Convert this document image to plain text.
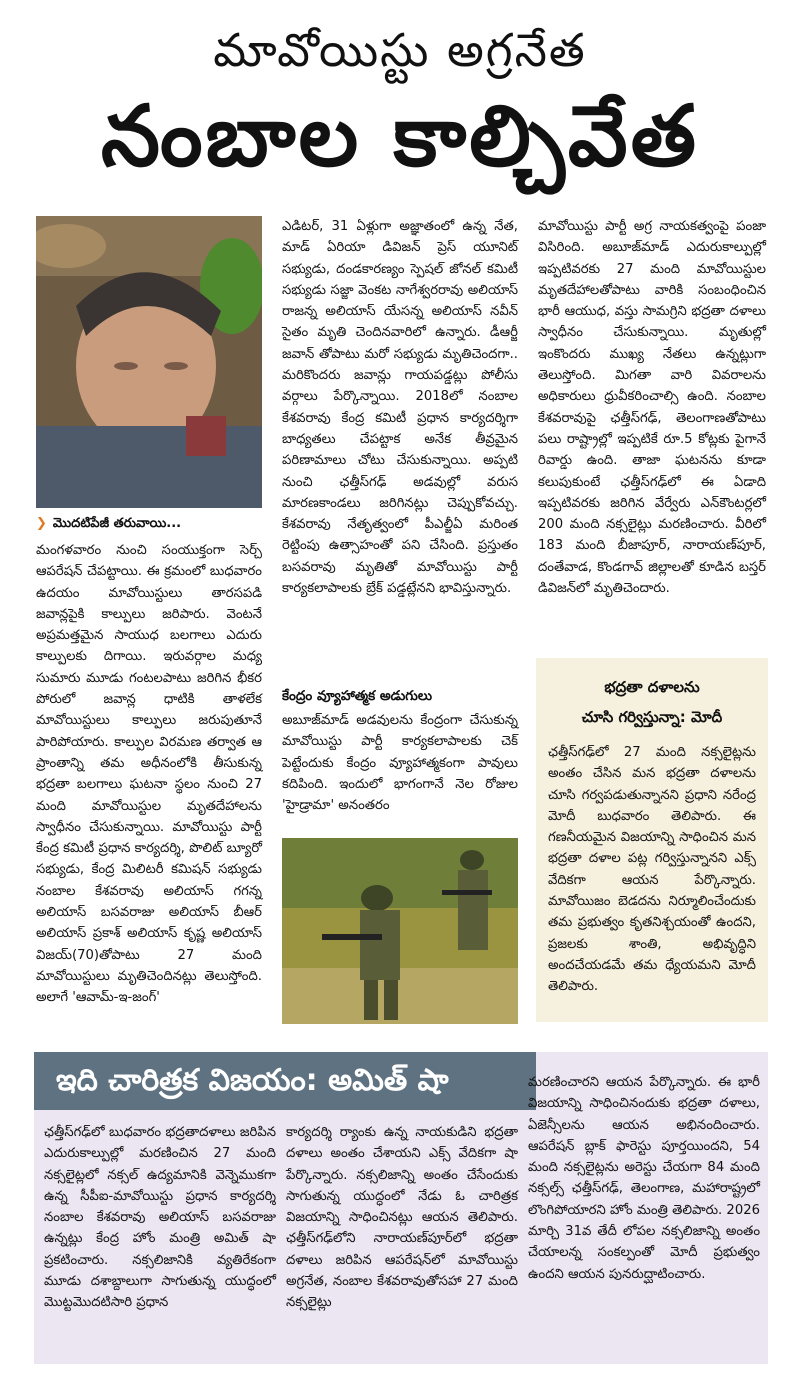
మావోయిస్టు అగ్రనేత
నంబాల కాల్చివేత
❯ మొదటిపేజీ తరువాయి...

మంగళవారం నుంచి సంయుక్తంగా సెర్చ్ ఆపరేషన్ చేపట్టాయి. ఈ క్రమంలో బుధవారం ఉదయం మావోయిస్టులు తారసపడి జవాన్లపైకి కాల్పులు జరిపారు. వెంటనే అప్రమత్తమైన సాయుధ బలగాలు ఎదురు కాల్పులకు దిగాయి. ఇరువర్గాల మధ్య సుమారు మూడు గంటలపాటు జరిగిన భీకర పోరులో జవాన్ల ధాటికి తాళలేక మావోయిస్టులు కాల్పులు జరుపుతూనే పారిపోయారు. కాల్పుల విరమణ తర్వాత ఆ ప్రాంతాన్ని తమ అధీనంలోకి తీసుకున్న భద్రతా బలగాలు ఘటనా స్థలం నుంచి 27 మంది మావోయిస్టుల మృతదేహాలను స్వాధీనం చేసుకున్నాయి. మావోయిస్టు పార్టీ కేంద్ర కమిటీ ప్రధాన కార్యదర్శి, పొలిట్ బ్యూరో సభ్యుడు, కేంద్ర మిలిటరీ కమిషన్ సభ్యుడు నంబాల కేశవరావు అలియాస్ గగన్న అలియాస్ బసవరాజు అలియాస్ బీఆర్ అలియాస్ ప్రకాశ్ అలియాస్ కృష్ణ అలియాస్ విజయ్(70)తోపాటు 27 మంది మావోయిస్టులు మృతిచెందినట్లు తెలుస్తోంది. అలాగే 'ఆవామ్-ఇ-జంగ్'

ఎడిటర్, 31 ఏళ్లుగా అజ్ఞాతంలో ఉన్న నేత, మాడ్ ఏరియా డివిజన్ ప్రెస్ యూనిట్ సభ్యుడు, దండకారణ్యం స్పెషల్ జోనల్ కమిటీ సభ్యుడు సజ్జా వెంకట నాగేశ్వరరావు అలియాస్ రాజన్న అలియాస్ యేసన్న అలియాస్ నవీన్ సైతం మృతి చెందినవారిలో ఉన్నారు. డీఆర్జీ జవాన్ తోపాటు మరో సభ్యుడు మృతిచెందగా.. మరికొందరు జవాన్లు గాయపడ్డట్లు పోలీసు వర్గాలు పేర్కొన్నాయి. 2018లో నంబాల కేశవరావు కేంద్ర కమిటీ ప్రధాన కార్యదర్శిగా బాధ్యతలు చేపట్టాక అనేక తీవ్రమైన పరిణామాలు చోటు చేసుకున్నాయి. అప్పటి నుంచి ఛత్తీస్‌గఢ్ అడవుల్లో వరుస మారణకాండలు జరిగినట్లు చెప్పుకోవచ్చు. కేశవరావు నేతృత్వంలో పీఎల్జీఏ మరింత రెట్టింపు ఉత్సాహంతో పని చేసింది. ప్రస్తుతం బసవరావు మృతితో మావోయిస్టు పార్టీ కార్యకలాపాలకు బ్రేక్ పడ్డట్లేనని భావిస్తున్నారు.

కేంద్రం వ్యూహాత్మక అడుగులు

అబూజ్‌మాడ్ అడవులను కేంద్రంగా చేసుకున్న మావోయిస్టు పార్టీ కార్యకలాపాలకు చెక్ పెట్టేందుకు కేంద్రం వ్యూహాత్మకంగా పావులు కదిపింది. ఇందులో భాగంగానే నెల రోజుల 'హైడ్రామా' అనంతరం

మావోయిస్టు పార్టీ అగ్ర నాయకత్వంపై పంజా విసిరింది. అబూజ్‌మాడ్ ఎదురుకాల్పుల్లో ఇప్పటివరకు 27 మంది మావోయిస్టుల మృతదేహాలతోపాటు వారికి సంబంధించిన భారీ ఆయుధ, వస్తు సామగ్రిని భద్రతా దళాలు స్వాధీనం చేసుకున్నాయి. మృతుల్లో ఇంకొందరు ముఖ్య నేతలు ఉన్నట్లుగా తెలుస్తోంది. మిగతా వారి వివరాలను అధికారులు ధ్రువీకరించాల్సి ఉంది. నంబాల కేశవరావుపై ఛత్తీస్‌గఢ్, తెలంగాణతోపాటు పలు రాష్ట్రాల్లో ఇప్పటికే రూ.5 కోట్లకు పైగానే రివార్డు ఉంది. తాజా ఘటనను కూడా కలుపుకుంటే ఛత్తీస్‌గఢ్‌లో ఈ ఏడాది ఇప్పటివరకు జరిగిన వేర్వేరు ఎన్‌కౌంటర్లలో 200 మంది నక్సలైట్లు మరణించారు. వీరిలో 183 మంది బీజాపూర్, నారాయణ్‌పూర్, దంతేవాడ, కొండగావ్ జిల్లాలతో కూడిన బస్తర్ డివిజన్‌లో మృతిచెందారు.

భద్రతా దళాలను
చూసి గర్విస్తున్నా: మోదీ
ఛత్తీస్‌గఢ్‌లో 27 మంది నక్సలైట్లను అంతం చేసిన మన భద్రతా దళాలను చూసి గర్వపడుతున్నానని ప్రధాని నరేంద్ర మోదీ బుధవారం తెలిపారు. ఈ గణనీయమైన విజయాన్ని సాధించిన మన భద్రతా దళాల పట్ల గర్విస్తున్నానని ఎక్స్ వేదికగా ఆయన పేర్కొన్నారు. మావోయిజం బెడదను నిర్మూలించేందుకు తమ ప్రభుత్వం కృతనిశ్చయంతో ఉందని, ప్రజలకు శాంతి, అభివృద్ధిని అందచేయడమే తమ ధ్యేయమని మోదీ తెలిపారు.
ఇది చారిత్రక విజయం: అమిత్ షా
ఛత్తీస్‌గఢ్‌లో బుధవారం భద్రతాదళాలు జరిపిన ఎదురుకాల్పుల్లో మరణించిన 27 మంది నక్సలైట్లలో నక్సల్ ఉద్యమానికి వెన్నెముకగా ఉన్న సీపీఐ-మావోయిస్టు ప్రధాన కార్యదర్శి నంబాల కేశవరావు అలియాస్ బసవరాజు ఉన్నట్లు కేంద్ర హోం మంత్రి అమిత్ షా ప్రకటించారు. నక్సలిజానికి వ్యతిరేకంగా మూడు దశాబ్దాలుగా సాగుతున్న యుద్ధంలో మొట్టమొదటిసారి ప్రధాన
కార్యదర్శి ర్యాంకు ఉన్న నాయకుడిని భద్రతా దళాలు అంతం చేశాయని ఎక్స్ వేదికగా షా పేర్కొన్నారు. నక్సలిజాన్ని అంతం చేసేందుకు సాగుతున్న యుద్ధంలో నేడు ఓ చారిత్రక విజయాన్ని సాధించినట్లు ఆయన తెలిపారు. ఛత్తీస్‌గఢ్‌లోని నారాయణ్‌పూర్‌లో భద్రతా దళాలు జరిపిన ఆపరేషన్‌లో మావోయిస్టు అగ్రనేత, నంబాల కేశవరావుతోసహా 27 మంది నక్సలైట్లు
మరణించారని ఆయన పేర్కొన్నారు. ఈ భారీ విజయాన్ని సాధించినందుకు భద్రతా దళాలు, ఏజెన్సీలను ఆయన అభినందించారు. ఆపరేషన్ బ్లాక్ ఫారెస్టు పూర్తయిందని, 54 మంది నక్సలైట్లను అరెస్టు చేయగా 84 మంది నక్సల్స్ ఛత్తీస్‌గఢ్, తెలంగాణ, మహారాష్ట్రలో లొంగిపోయారని హోం మంత్రి తెలిపారు. 2026 మార్చి 31వ తేదీ లోపల నక్సలిజాన్ని అంతం చేయాలన్న సంకల్పంతో మోదీ ప్రభుత్వం ఉందని ఆయన పునరుద్ఘాటించారు.
